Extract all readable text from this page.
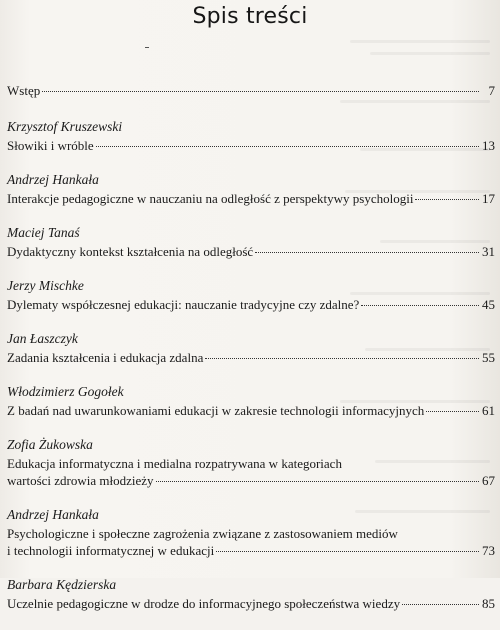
Spis treści
Wstęp	7
Krzysztof Kruszewski
Słowiki i wróble	13
Andrzej Hankała
Interakcje pedagogiczne w nauczaniu na odległość z perspektywy psychologii	17
Maciej Tanaś
Dydaktyczny kontekst kształcenia na odległość	31
Jerzy Mischke
Dylematy współczesnej edukacji: nauczanie tradycyjne czy zdalne?	45
Jan Łaszczyk
Zadania kształcenia i edukacja zdalna	55
Włodzimierz Gogołek
Z badań nad uwarunkowaniami edukacji w zakresie technologii informacyjnych	61
Zofia Żukowska
Edukacja informatyczna i medialna rozpatrywana w kategoriach
wartości zdrowia młodzieży	67
Andrzej Hankała
Psychologiczne i społeczne zagrożenia związane z zastosowaniem mediów
i technologii informatycznej w edukacji	73
Barbara Kędzierska
Uczelnie pedagogiczne w drodze do informacyjnego społeczeństwa wiedzy	85
